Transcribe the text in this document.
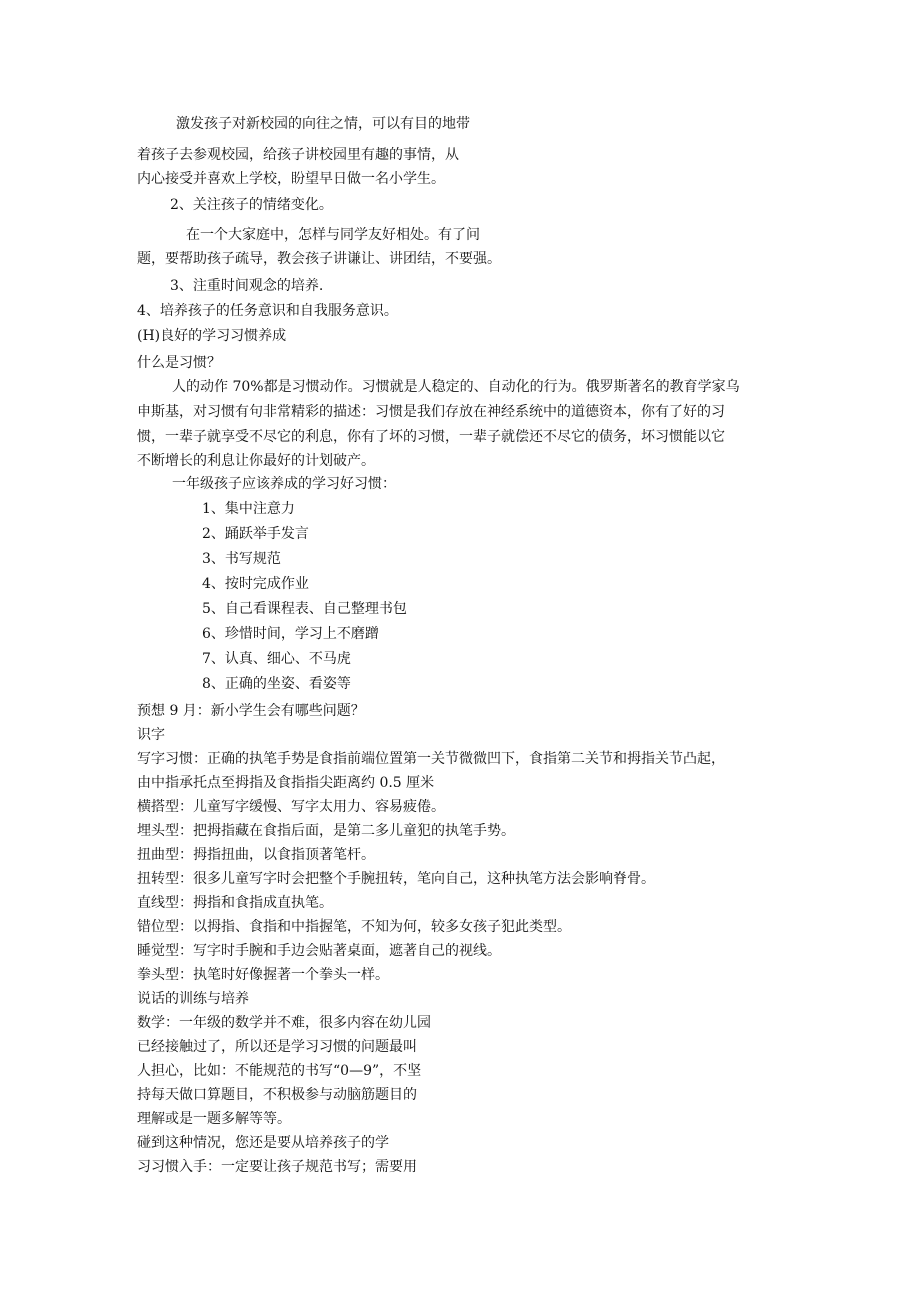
激发孩子对新校园的向往之情，可以有目的地带
着孩子去参观校园，给孩子讲校园里有趣的事情，从
内心接受并喜欢上学校，盼望早日做一名小学生。
2、关注孩子的情绪变化。
在一个大家庭中，怎样与同学友好相处。有了问
题，要帮助孩子疏导，教会孩子讲谦让、讲团结，不要强。
3、注重时间观念的培养.
4、培养孩子的任务意识和自我服务意识。
(H)良好的学习习惯养成
什么是习惯？
人的动作 70%都是习惯动作。习惯就是人稳定的、自动化的行为。俄罗斯著名的教育学家乌
申斯基，对习惯有句非常精彩的描述：习惯是我们存放在神经系统中的道德资本，你有了好的习
惯，一辈子就享受不尽它的利息，你有了坏的习惯，一辈子就偿还不尽它的债务，坏习惯能以它
不断增长的利息让你最好的计划破产。
一年级孩子应该养成的学习好习惯：
1、集中注意力
2、踊跃举手发言
3、书写规范
4、按时完成作业
5、自己看课程表、自己整理书包
6、珍惜时间，学习上不磨蹭
7、认真、细心、不马虎
8、正确的坐姿、看姿等
预想 9 月：新小学生会有哪些问题？
识字
写字习惯：正确的执笔手势是食指前端位置第一关节微微凹下，食指第二关节和拇指关节凸起，
由中指承托点至拇指及食指指尖距离约 0.5 厘米
横搭型：儿童写字缓慢、写字太用力、容易疲倦。
埋头型：把拇指藏在食指后面，是第二多儿童犯的执笔手势。
扭曲型：拇指扭曲，以食指顶著笔杆。
扭转型：很多儿童写字时会把整个手腕扭转，笔向自己，这种执笔方法会影响脊骨。
直线型：拇指和食指成直执笔。
错位型：以拇指、食指和中指握笔，不知为何，较多女孩子犯此类型。
睡觉型：写字时手腕和手边会贴著桌面，遮著自己的视线。
拳头型：执笔时好像握著一个拳头一样。
说话的训练与培养
数学：一年级的数学并不难，很多内容在幼儿园
已经接触过了，所以还是学习习惯的问题最叫
人担心，比如：不能规范的书写“0—9”，不坚
持每天做口算题目，不积极参与动脑筋题目的
理解或是一题多解等等。
碰到这种情况，您还是要从培养孩子的学
习习惯入手：一定要让孩子规范书写；需要用
